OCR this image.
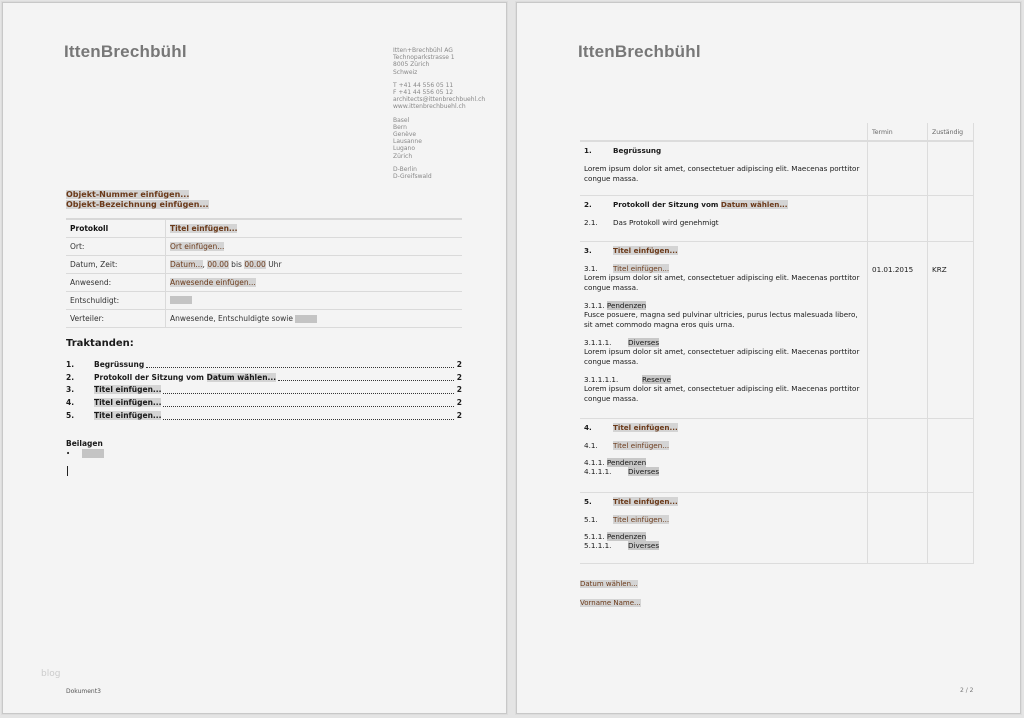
IttenBrechbühl	Itten+Brechbühl AG
Technoparkstrasse 1
8005 Zürich
Schweiz
T +41 44 556 05 11
F +41 44 556 05 12
architects@ittenbrechbuehl.ch
www.ittenbrechbuehl.ch
Basel
Bern
Genève
Lausanne
Lugano
Zürich
D-Berlin
D-Greifswald
Objekt-Nummer einfügen...
Objekt-Bezeichnung einfügen...
Protokoll	Titel einfügen...
Ort:	Ort einfügen...
Datum, Zeit:	Datum..., 00.00 bis 00.00 Uhr
Anwesend:	Anwesende einfügen...
Entschuldigt:	
Verteiler:	Anwesende, Entschuldigte sowie
Traktanden:
1.	Begrüssung	2
2.	Protokoll der Sitzung vom Datum wählen...	2
3.	Titel einfügen...	2
4.	Titel einfügen...	2
5.	Titel einfügen...	2
Beilagen
•
blog
Dokument3
IttenBrechbühl
	Termin	Zuständig

1. Begrüssung
Lorem ipsum dolor sit amet, consectetuer adipiscing elit. Maecenas porttitor congue massa.		

2. Protokoll der Sitzung vom Datum wählen...
2.1. Das Protokoll wird genehmigt		

3.	Titel einfügen...
3.1.	Titel einfügen...
Lorem ipsum dolor sit amet, consectetuer adipiscing elit. Maecenas porttitor congue massa.
3.1.1. Pendenzen
Fusce posuere, magna sed pulvinar ultricies, purus lectus malesuada libero, sit amet commodo magna eros quis urna.
3.1.1.1. Diverses
Lorem ipsum dolor sit amet, consectetuer adipiscing elit. Maecenas porttitor congue massa.
3.1.1.1.1.	Reserve
Lorem ipsum dolor sit amet, consectetuer adipiscing elit. Maecenas porttitor congue massa.

01.01.2015	KRZ

4.	Titel einfügen...
4.1.	Titel einfügen...
4.1.1. Pendenzen
4.1.1.1. Diverses

5.	Titel einfügen...
5.1.	Titel einfügen...
5.1.1. Pendenzen
5.1.1.1. Diverses

Datum wählen...
Vorname Name...
2 / 2
